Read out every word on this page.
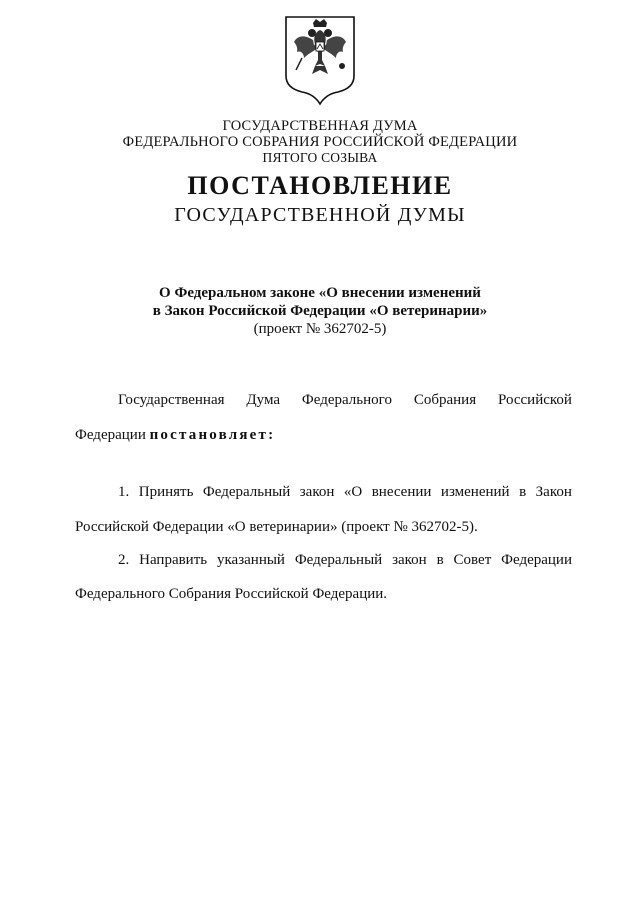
ГОСУДАРСТВЕННАЯ ДУМА
ФЕДЕРАЛЬНОГО СОБРАНИЯ РОССИЙСКОЙ ФЕДЕРАЦИИ
ПЯТОГО СОЗЫВА
ПОСТАНОВЛЕНИЕ
ГОСУДАРСТВЕННОЙ ДУМЫ
О Федеральном законе «О внесении изменений
в Закон Российской Федерации «О ветеринарии»
(проект № 362702-5)
Государственная Дума Федерального Собрания Российской
Федерации постановляет:
1. Принять Федеральный закон «О внесении изменений в Закон
Российской Федерации «О ветеринарии» (проект № 362702-5).
2. Направить указанный Федеральный закон в Совет Федерации
Федерального Собрания Российской Федерации.
